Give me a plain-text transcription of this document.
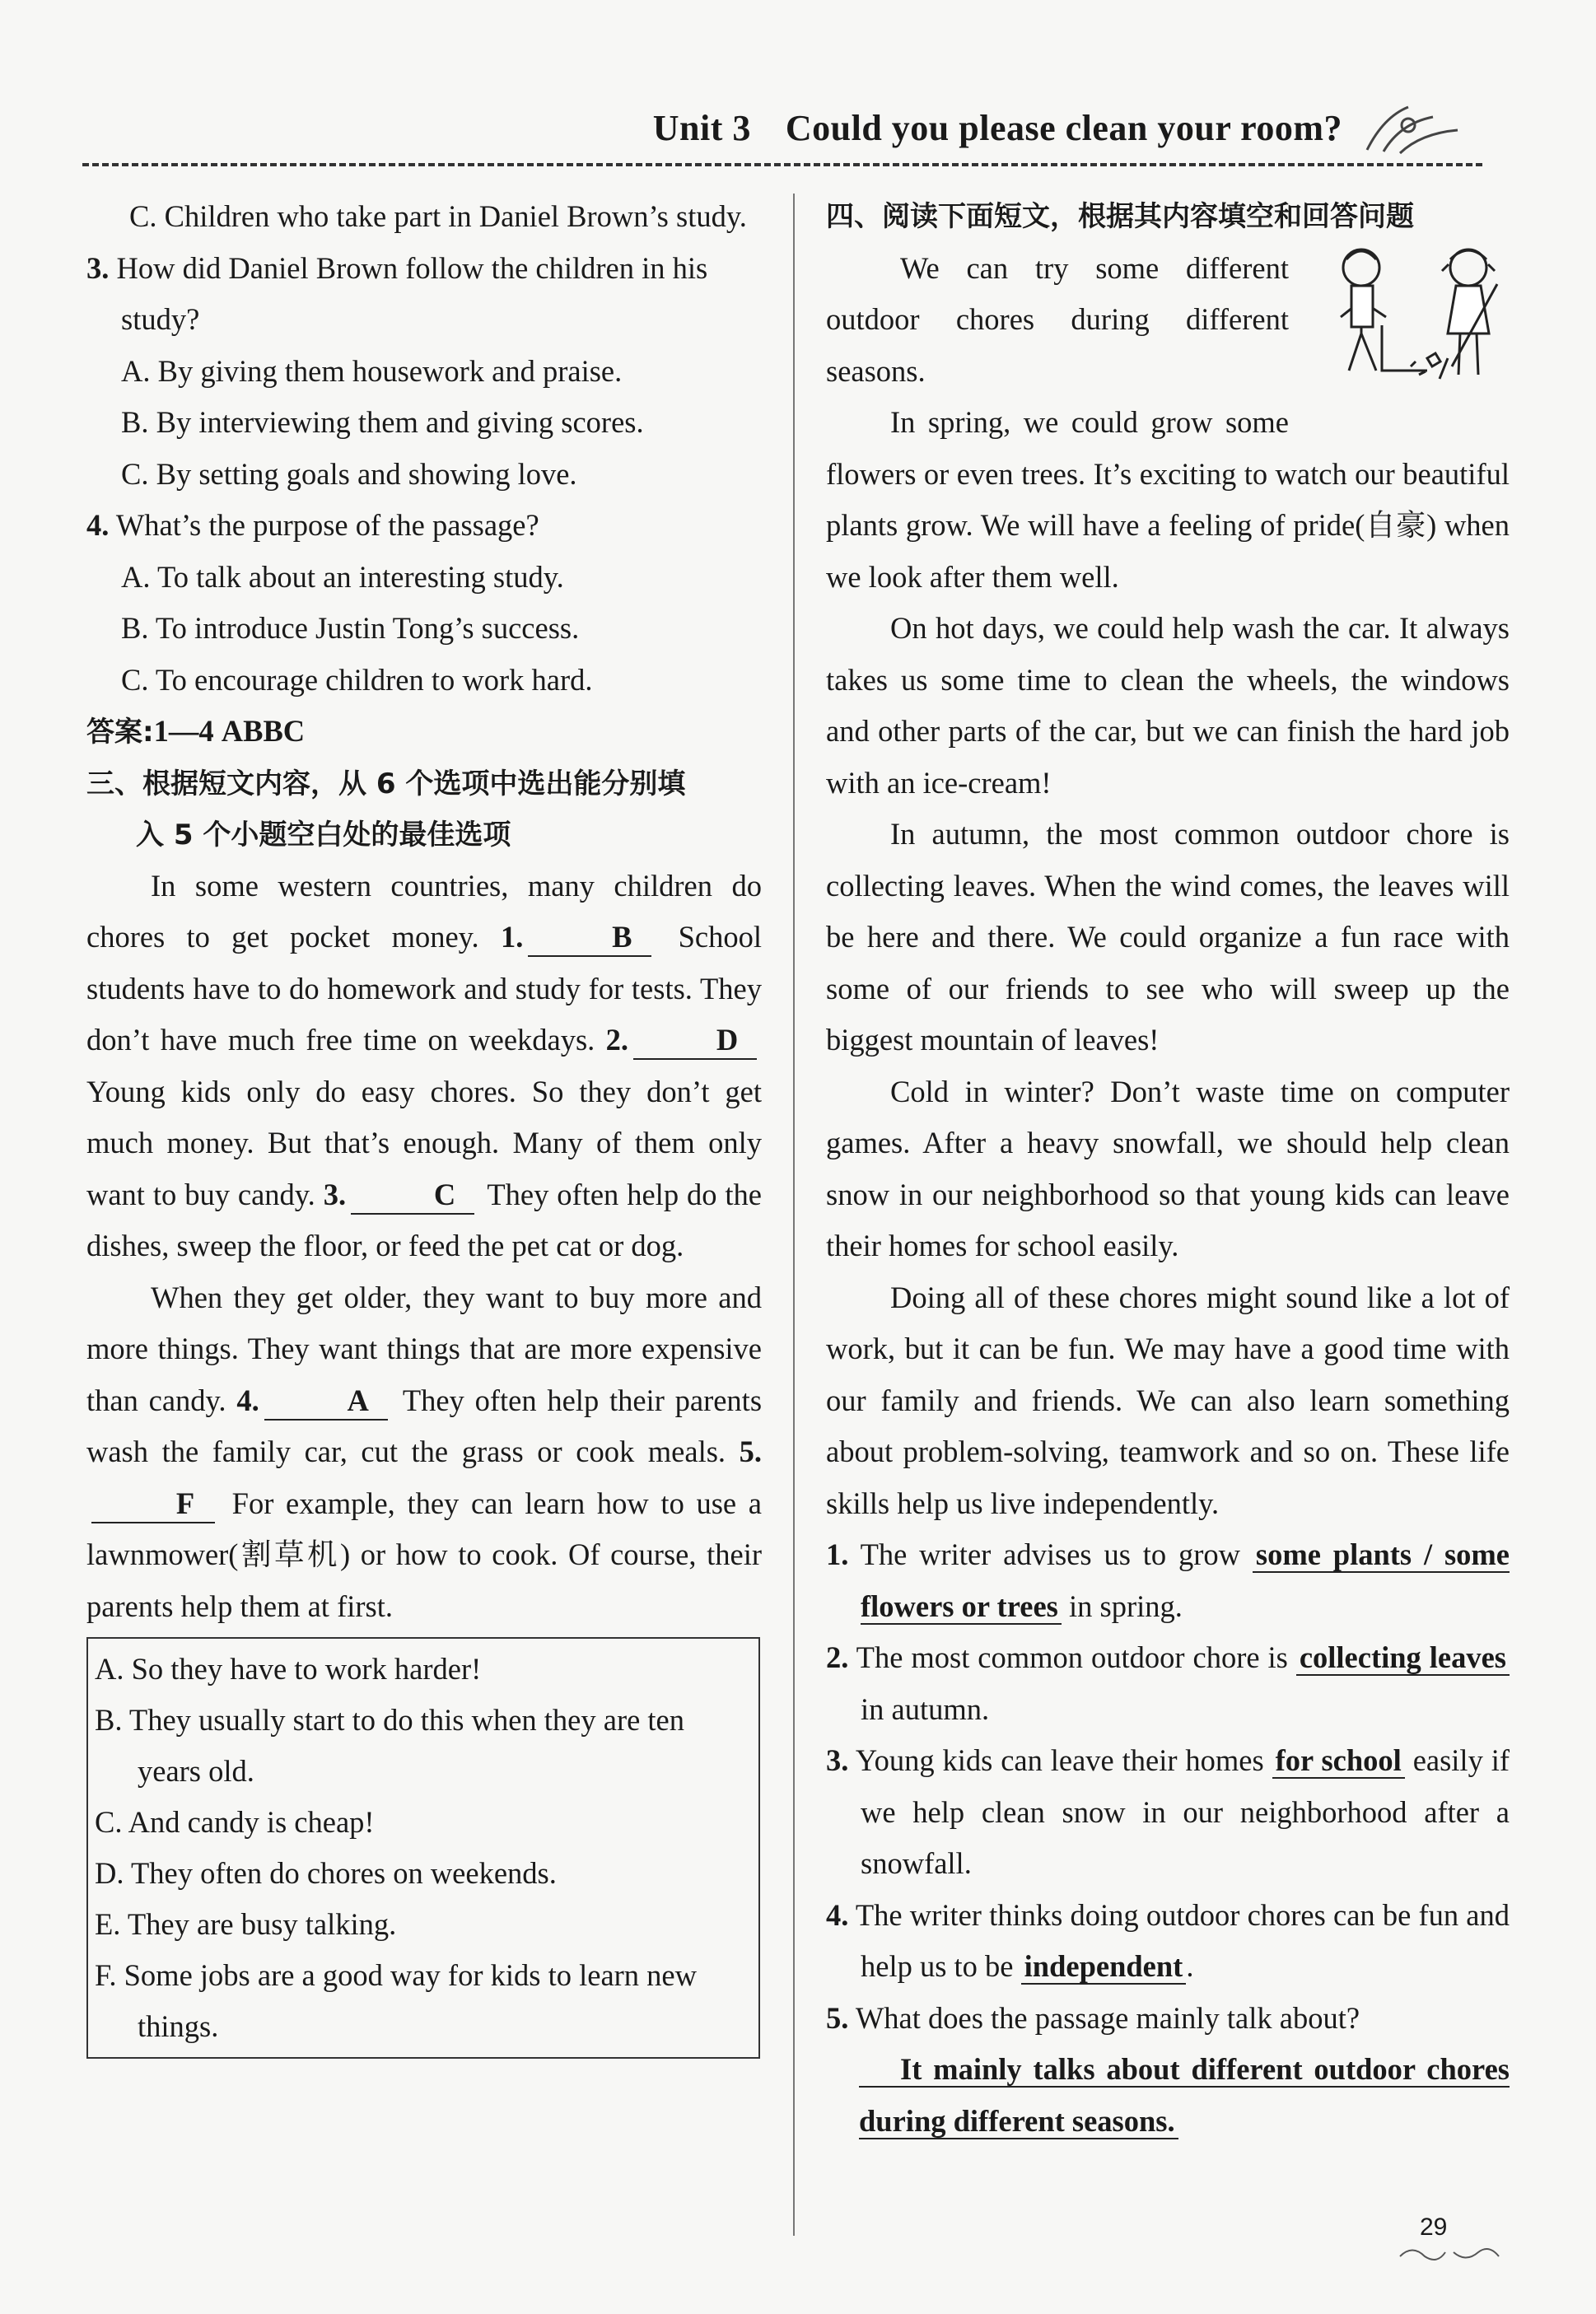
Unit 3 Could you please clean your room?

C. Children who take part in Daniel Brown’s study.

3. How did Daniel Brown follow the children in his study?

A. By giving them housework and praise.

B. By interviewing them and giving scores.

C. By setting goals and showing love.

4. What’s the purpose of the passage?

A. To talk about an interesting study.

B. To introduce Justin Tong’s success.

C. To encourage children to work hard.

答案:1—4 ABBC

三、根据短文内容，从 6 个选项中选出能分别填
入 5 个小题空白处的最佳选项

In some western countries, many children do chores to get pocket money. 1.	B School students have to do homework and study for tests. They don’t have much free time on weekdays. 2.	D Young kids only do easy chores. So they don’t get much money. But that’s enough. Many of them only want to buy candy. 3.	C They often help do the dishes, sweep the floor, or feed the pet cat or dog.

When they get older, they want to buy more and more things. They want things that are more expensive than candy. 4.	A They often help their parents wash the family car, cut the grass or cook meals. 5.F For example, they can learn how to use a lawnmower(割草机) or how to cook. Of course, their parents help them at first.

A. So they have to work harder!

B. They usually start to do this when they are ten years old.

C. And candy is cheap!

D. They often do chores on weekends.

E. They are busy talking.

F. Some jobs are a good way for kids to learn new things.

四、阅读下面短文，根据其内容填空和回答问题

We can try some different outdoor chores during different seasons.

In spring, we could grow some flowers or even trees. It’s exciting to watch our beautiful plants grow. We will have a feeling of pride(自豪) when we look after them well.

On hot days, we could help wash the car. It always takes us some time to clean the wheels, the windows and other parts of the car, but we can finish the hard job with an ice-cream!

In autumn, the most common outdoor chore is collecting leaves. When the wind comes, the leaves will be here and there. We could organize a fun race with some of our friends to see who will sweep up the biggest mountain of leaves!

Cold in winter? Don’t waste time on computer games. After a heavy snowfall, we should help clean snow in our neighborhood so that young kids can leave their homes for school easily.

Doing all of these chores might sound like a lot of work, but it can be fun. We may have a good time with our family and friends. We can also learn something about problem-solving, teamwork and so on. These life skills help us live independently.

1. The writer advises us to grow some plants / some flowers or trees in spring.

2. The most common outdoor chore is collecting leaves in autumn.

3. Young kids can leave their homes for school easily if we help clean snow in our neighborhood after a snowfall.

4. The writer thinks doing outdoor chores can be fun and help us to be independent .

5. What does the passage mainly talk about?

It mainly talks about different outdoor chores during different seasons.

29
